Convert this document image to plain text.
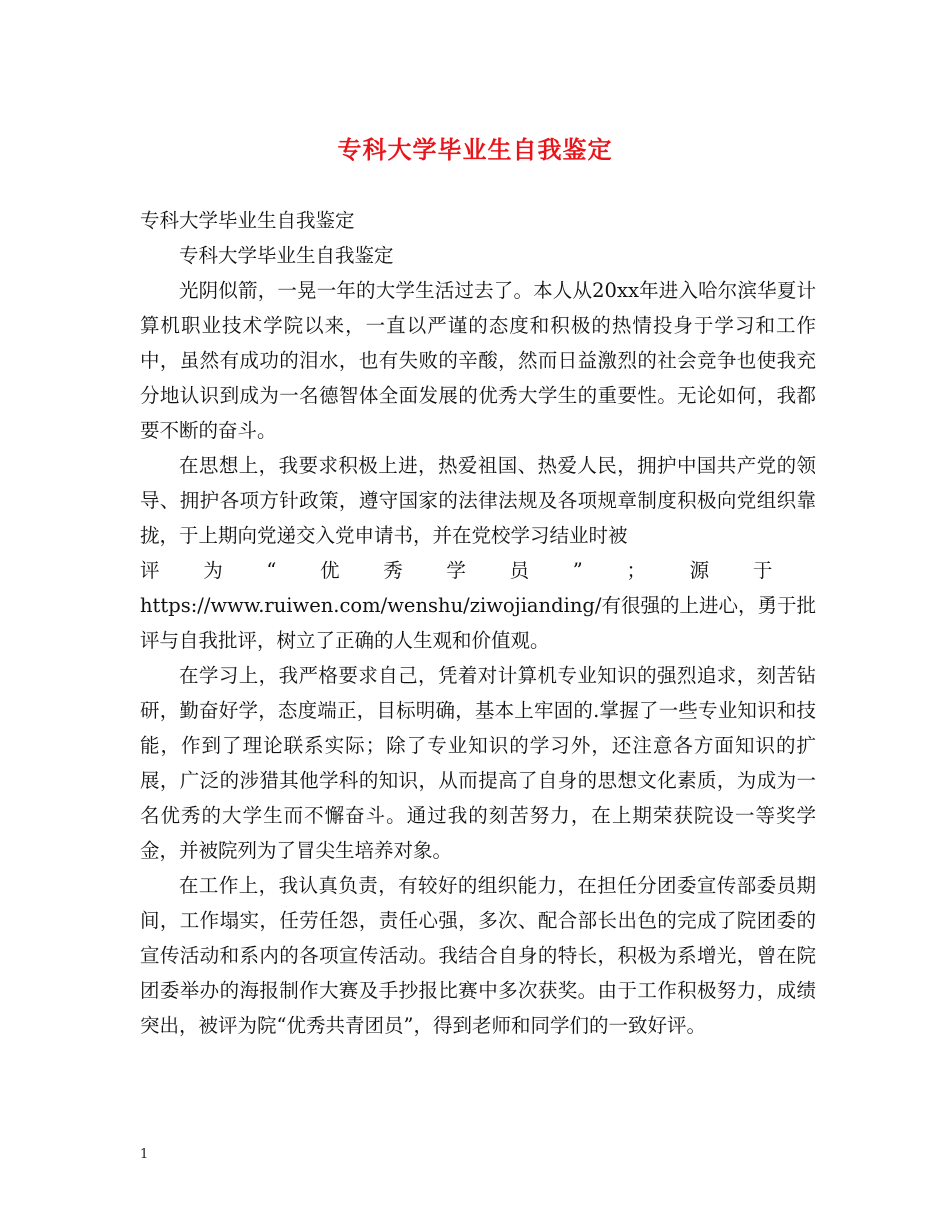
专科大学毕业生自我鉴定

专科大学毕业生自我鉴定

专科大学毕业生自我鉴定

光阴似箭，一晃一年的大学生活过去了。本人从20xx年进入哈尔滨华夏计算机职业技术学院以来，一直以严谨的态度和积极的热情投身于学习和工作中，虽然有成功的泪水，也有失败的辛酸，然而日益激烈的社会竞争也使我充分地认识到成为一名德智体全面发展的优秀大学生的重要性。无论如何，我都要不断的奋斗。

在思想上，我要求积极上进，热爱祖国、热爱人民，拥护中国共产党的领导、拥护各项方针政策，遵守国家的法律法规及各项规章制度积极向党组织靠拢，于上期向党递交入党申请书，并在党校学习结业时被

评 为 “ 优 秀 学 员 ” ； 源 于

https://www.ruiwen.com/wenshu/ziwojianding/有很强的上进心，勇于批评与自我批评，树立了正确的人生观和价值观。

在学习上，我严格要求自己，凭着对计算机专业知识的强烈追求，刻苦钻研，勤奋好学，态度端正，目标明确，基本上牢固的.掌握了一些专业知识和技能，作到了理论联系实际；除了专业知识的学习外，还注意各方面知识的扩展，广泛的涉猎其他学科的知识，从而提高了自身的思想文化素质，为成为一名优秀的大学生而不懈奋斗。通过我的刻苦努力，在上期荣获院设一等奖学金，并被院列为了冒尖生培养对象。

在工作上，我认真负责，有较好的组织能力，在担任分团委宣传部委员期间，工作塌实，任劳任怨，责任心强，多次、配合部长出色的完成了院团委的宣传活动和系内的各项宣传活动。我结合自身的特长，积极为系增光，曾在院团委举办的海报制作大赛及手抄报比赛中多次获奖。由于工作积极努力，成绩突出，被评为院“优秀共青团员”，得到老师和同学们的一致好评。

1
